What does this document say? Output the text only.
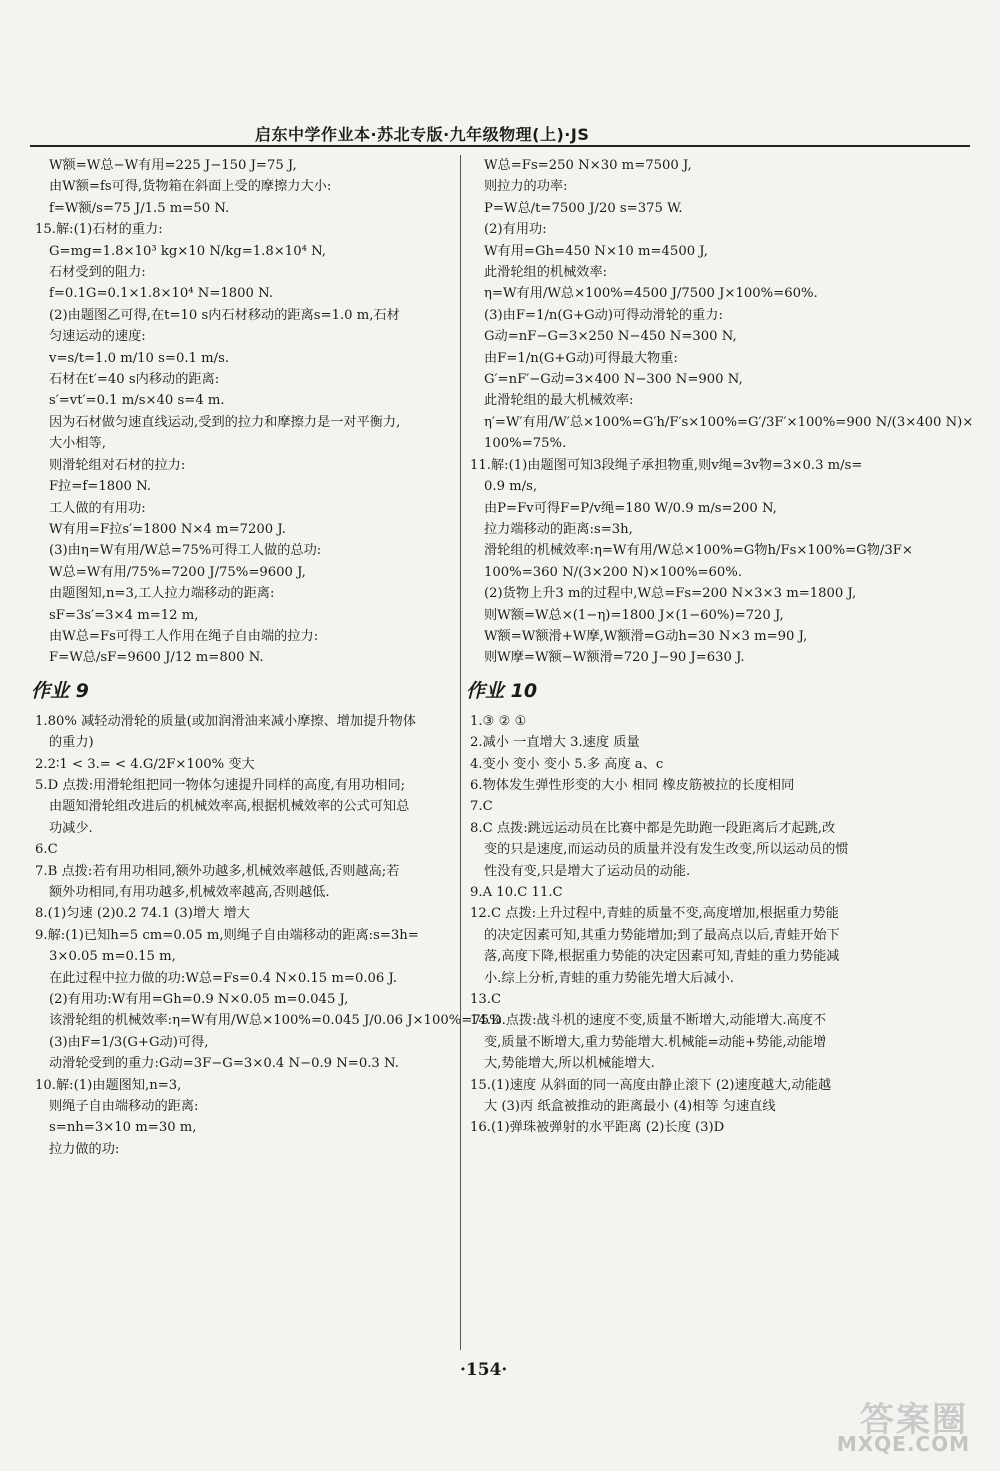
启东中学作业本·苏北专版·九年级物理(上)·JS
W额=W总−W有用=225 J−150 J=75 J,
由W额=fs可得,货物箱在斜面上受的摩擦力大小:
f=W额/s=75 J/1.5 m=50 N.
15.解:(1)石材的重力:
G=mg=1.8×10³ kg×10 N/kg=1.8×10⁴ N,
石材受到的阻力:
f=0.1G=0.1×1.8×10⁴ N=1800 N.
(2)由题图乙可得,在t=10 s内石材移动的距离s=1.0 m,石材
匀速运动的速度:
v=s/t=1.0 m/10 s=0.1 m/s.
石材在t′=40 s内移动的距离:
s′=vt′=0.1 m/s×40 s=4 m.
因为石材做匀速直线运动,受到的拉力和摩擦力是一对平衡力,
大小相等,
则滑轮组对石材的拉力:
F拉=f=1800 N.
工人做的有用功:
W有用=F拉s′=1800 N×4 m=7200 J.
(3)由η=W有用/W总=75%可得工人做的总功:
W总=W有用/75%=7200 J/75%=9600 J,
由题图知,n=3,工人拉力端移动的距离:
sF=3s′=3×4 m=12 m,
由W总=Fs可得工人作用在绳子自由端的拉力:
F=W总/sF=9600 J/12 m=800 N.
作业 9
1.80% 减轻动滑轮的质量(或加润滑油来减小摩擦、增加提升物体
的重力)
2.2∶1 < 3.= < 4.G/2F×100% 变大
5.D 点拨:用滑轮组把同一物体匀速提升同样的高度,有用功相同;
由题知滑轮组改进后的机械效率高,根据机械效率的公式可知总
功减少.
6.C
7.B 点拨:若有用功相同,额外功越多,机械效率越低,否则越高;若
额外功相同,有用功越多,机械效率越高,否则越低.
8.(1)匀速 (2)0.2 74.1 (3)增大 增大
9.解:(1)已知h=5 cm=0.05 m,则绳子自由端移动的距离:s=3h=
3×0.05 m=0.15 m,
在此过程中拉力做的功:W总=Fs=0.4 N×0.15 m=0.06 J.
(2)有用功:W有用=Gh=0.9 N×0.05 m=0.045 J,
该滑轮组的机械效率:η=W有用/W总×100%=0.045 J/0.06 J×100%=75%.
(3)由F=1/3(G+G动)可得,
动滑轮受到的重力:G动=3F−G=3×0.4 N−0.9 N=0.3 N.
10.解:(1)由题图知,n=3,
则绳子自由端移动的距离:
s=nh=3×10 m=30 m,
拉力做的功:
W总=Fs=250 N×30 m=7500 J,
则拉力的功率:
P=W总/t=7500 J/20 s=375 W.
(2)有用功:
W有用=Gh=450 N×10 m=4500 J,
此滑轮组的机械效率:
η=W有用/W总×100%=4500 J/7500 J×100%=60%.
(3)由F=1/n(G+G动)可得动滑轮的重力:
G动=nF−G=3×250 N−450 N=300 N,
由F=1/n(G+G动)可得最大物重:
G′=nF′−G动=3×400 N−300 N=900 N,
此滑轮组的最大机械效率:
η′=W′有用/W′总×100%=G′h/F′s×100%=G′/3F′×100%=900 N/(3×400 N)×
100%=75%.
11.解:(1)由题图可知3段绳子承担物重,则v绳=3v物=3×0.3 m/s=
0.9 m/s,
由P=Fv可得F=P/v绳=180 W/0.9 m/s=200 N,
拉力端移动的距离:s=3h,
滑轮组的机械效率:η=W有用/W总×100%=G物h/Fs×100%=G物/3F×
100%=360 N/(3×200 N)×100%=60%.
(2)货物上升3 m的过程中,W总=Fs=200 N×3×3 m=1800 J,
则W额=W总×(1−η)=1800 J×(1−60%)=720 J,
W额=W额滑+W摩,W额滑=G动h=30 N×3 m=90 J,
则W摩=W额−W额滑=720 J−90 J=630 J.
作业 10
1.③ ② ①
2.减小 一直增大 3.速度 质量
4.变小 变小 变小 5.多 高度 a、c
6.物体发生弹性形变的大小 相同 橡皮筋被拉的长度相同
7.C
8.C 点拨:跳远运动员在比赛中都是先助跑一段距离后才起跳,改
变的只是速度,而运动员的质量并没有发生改变,所以运动员的惯
性没有变,只是增大了运动员的动能.
9.A 10.C 11.C
12.C 点拨:上升过程中,青蛙的质量不变,高度增加,根据重力势能
的决定因素可知,其重力势能增加;到了最高点以后,青蛙开始下
落,高度下降,根据重力势能的决定因素可知,青蛙的重力势能减
小.综上分析,青蛙的重力势能先增大后减小.
13.C
14.D 点拨:战斗机的速度不变,质量不断增大,动能增大.高度不
变,质量不断增大,重力势能增大.机械能=动能+势能,动能增
大,势能增大,所以机械能增大.
15.(1)速度 从斜面的同一高度由静止滚下 (2)速度越大,动能越
大 (3)丙 纸盒被推动的距离最小 (4)相等 匀速直线
16.(1)弹珠被弹射的水平距离 (2)长度 (3)D
·154·
答案圈
MXQE.COM
